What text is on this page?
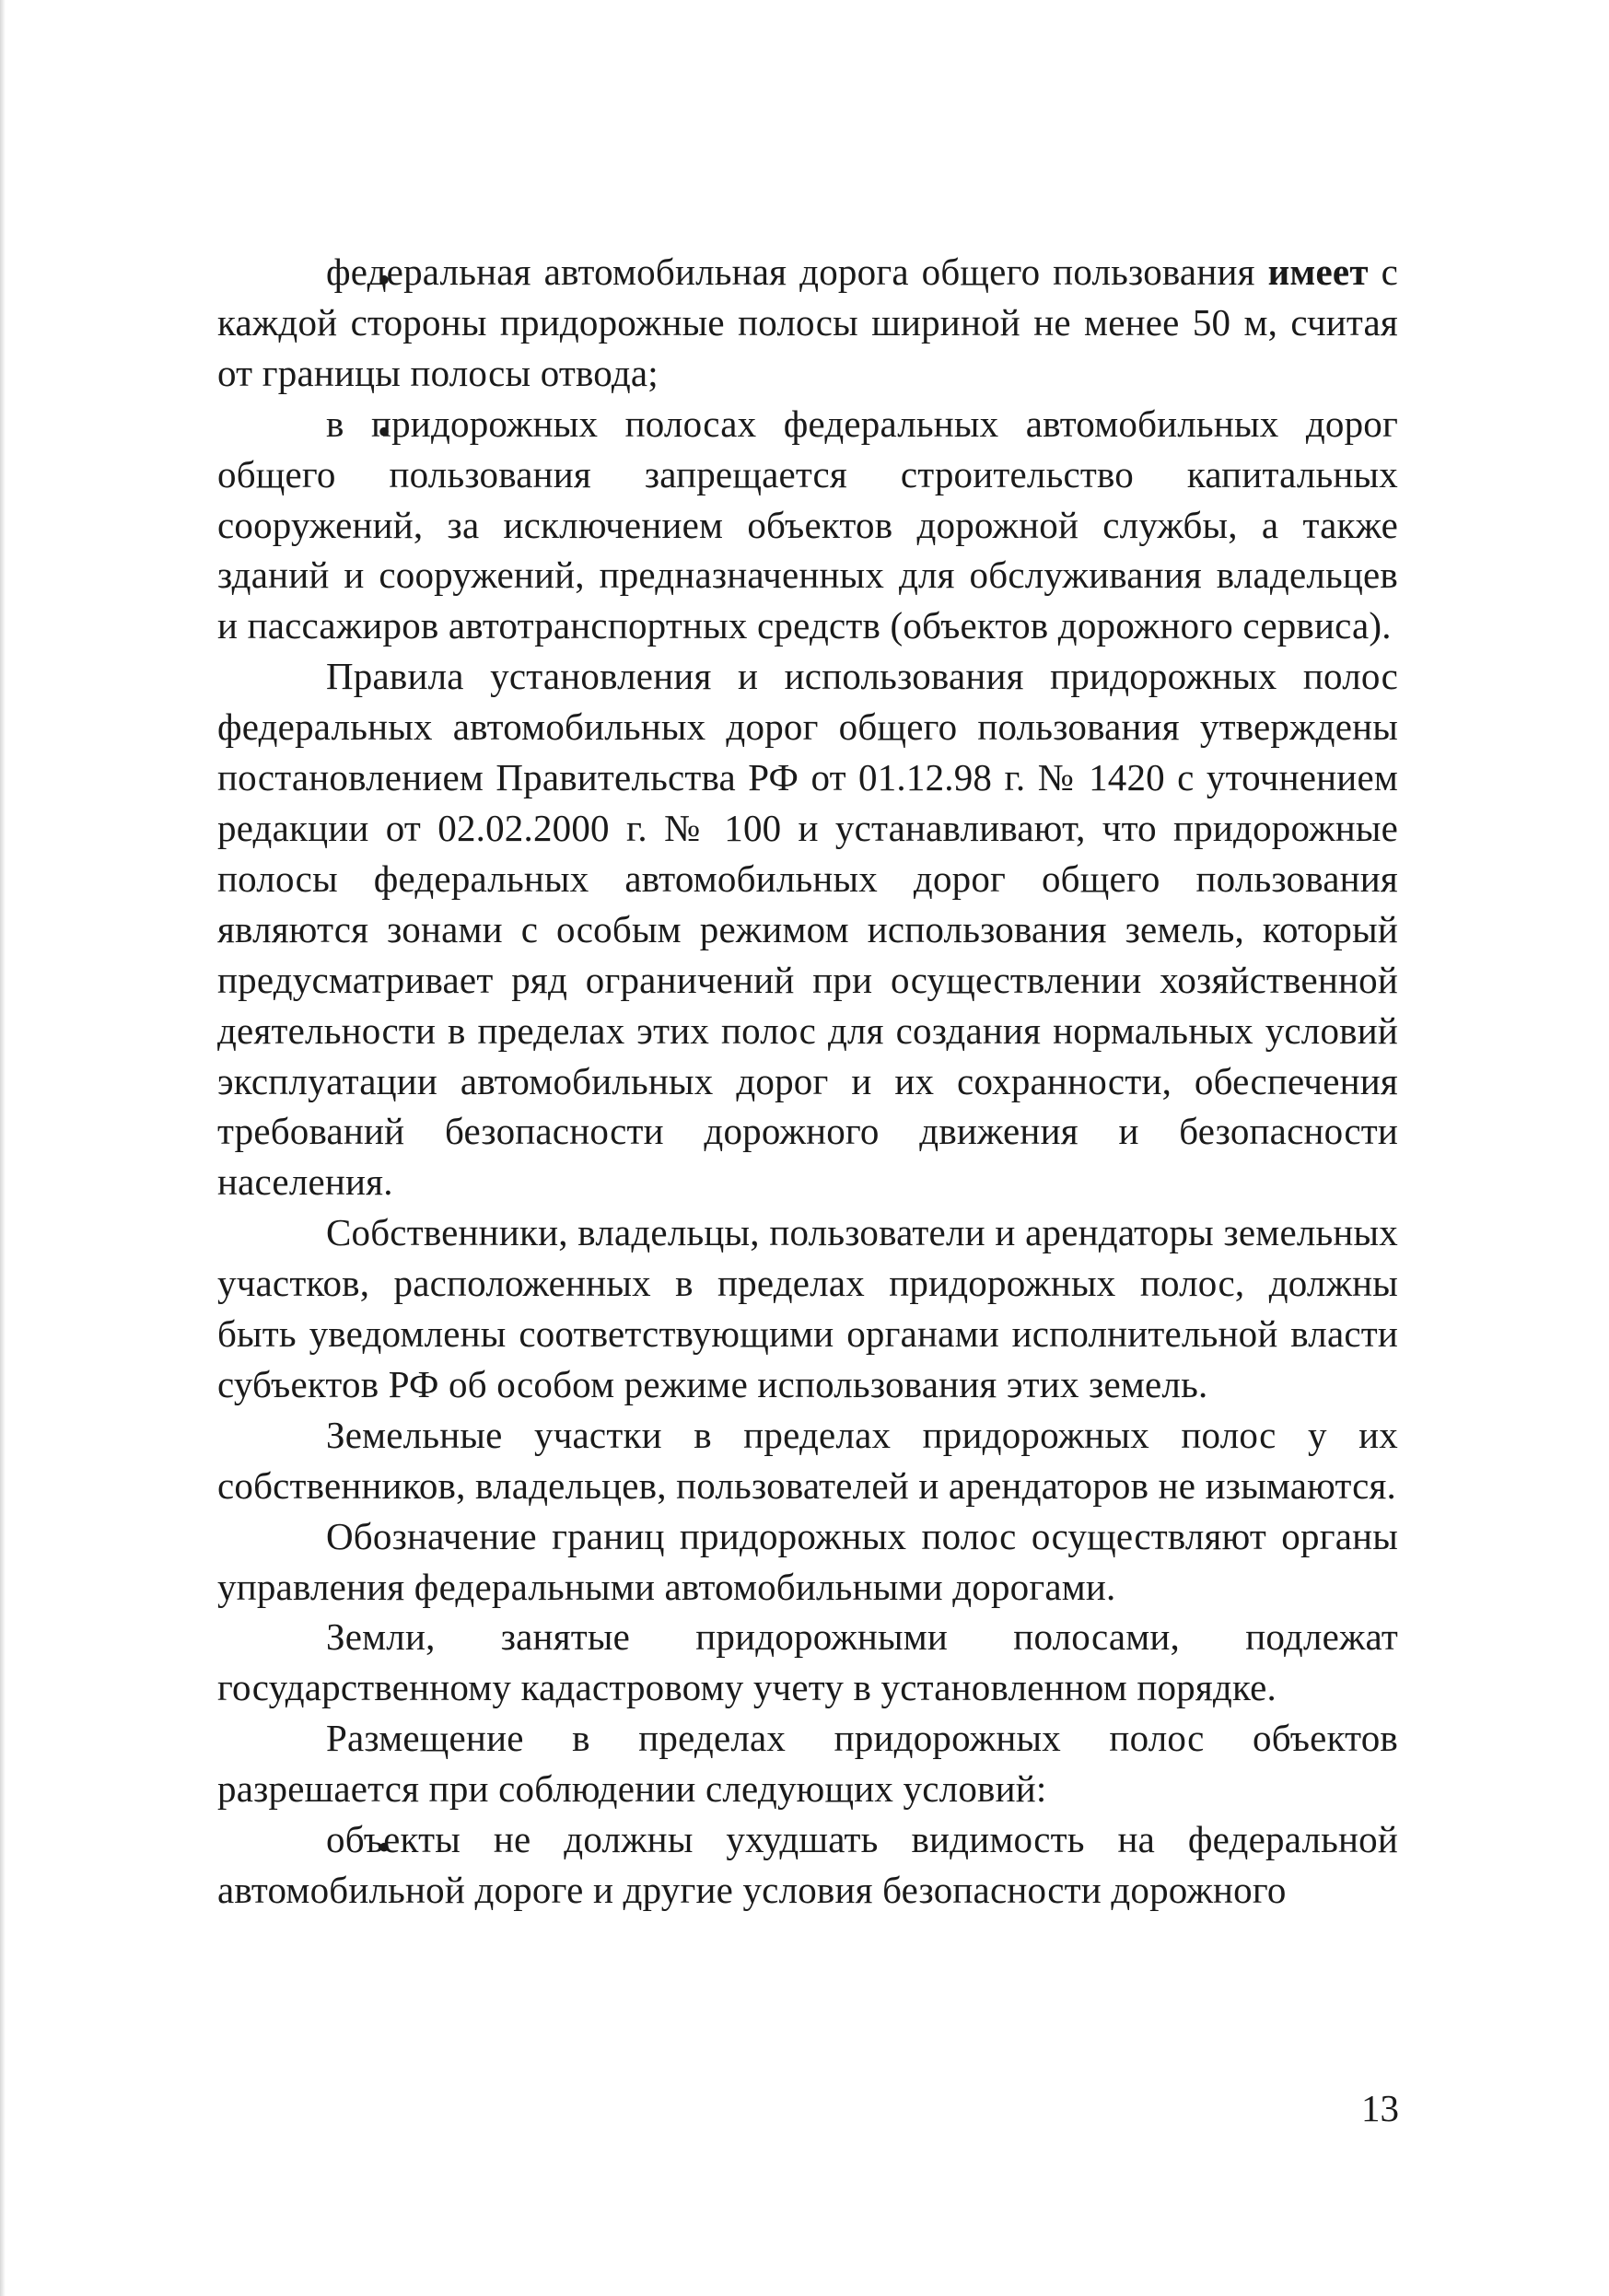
федеральная автомобильная дорога общего пользования имеет с каждой стороны придорожные полосы шириной не менее 50 м, считая от границы полосы отвода;

в придорожных полосах федеральных автомобильных дорог общего пользования запрещается строительство капитальных сооружений, за исключением объектов дорожной службы, а также зданий и сооружений, предназначенных для обслуживания владельцев и пассажиров автотранспортных средств (объектов дорожного сервиса).

Правила установления и использования придорожных полос федеральных автомобильных дорог общего пользования утверждены постановлением Правительства РФ от 01.12.98 г. № 1420 с уточнением редакции от 02.02.2000 г. № 100 и устанавливают, что придорожные полосы федеральных автомобильных дорог общего пользования являются зонами с особым режимом использования земель, который предусматривает ряд ограничений при осуществлении хозяйственной деятельности в пределах этих полос для создания нормальных условий эксплуатации автомобильных дорог и их сохранности, обеспечения требований безопасности дорожного движения и безопасности населения.

Собственники, владельцы, пользователи и арендаторы земельных участков, расположенных в пределах придорожных полос, должны быть уведомлены соответствующими органами исполнительной власти субъектов РФ об особом режиме использования этих земель.

Земельные участки в пределах придорожных полос у их собственников, владельцев, пользователей и арендаторов не изымаются.

Обозначение границ придорожных полос осуществляют органы управления федеральными автомобильными дорогами.

Земли, занятые придорожными полосами, подлежат государственному кадастровому учету в установленном порядке.

Размещение в пределах придорожных полос объектов разрешается при соблюдении следующих условий:

объекты не должны ухудшать видимость на федеральной автомобильной дороге и другие условия безопасности дорожного

13
